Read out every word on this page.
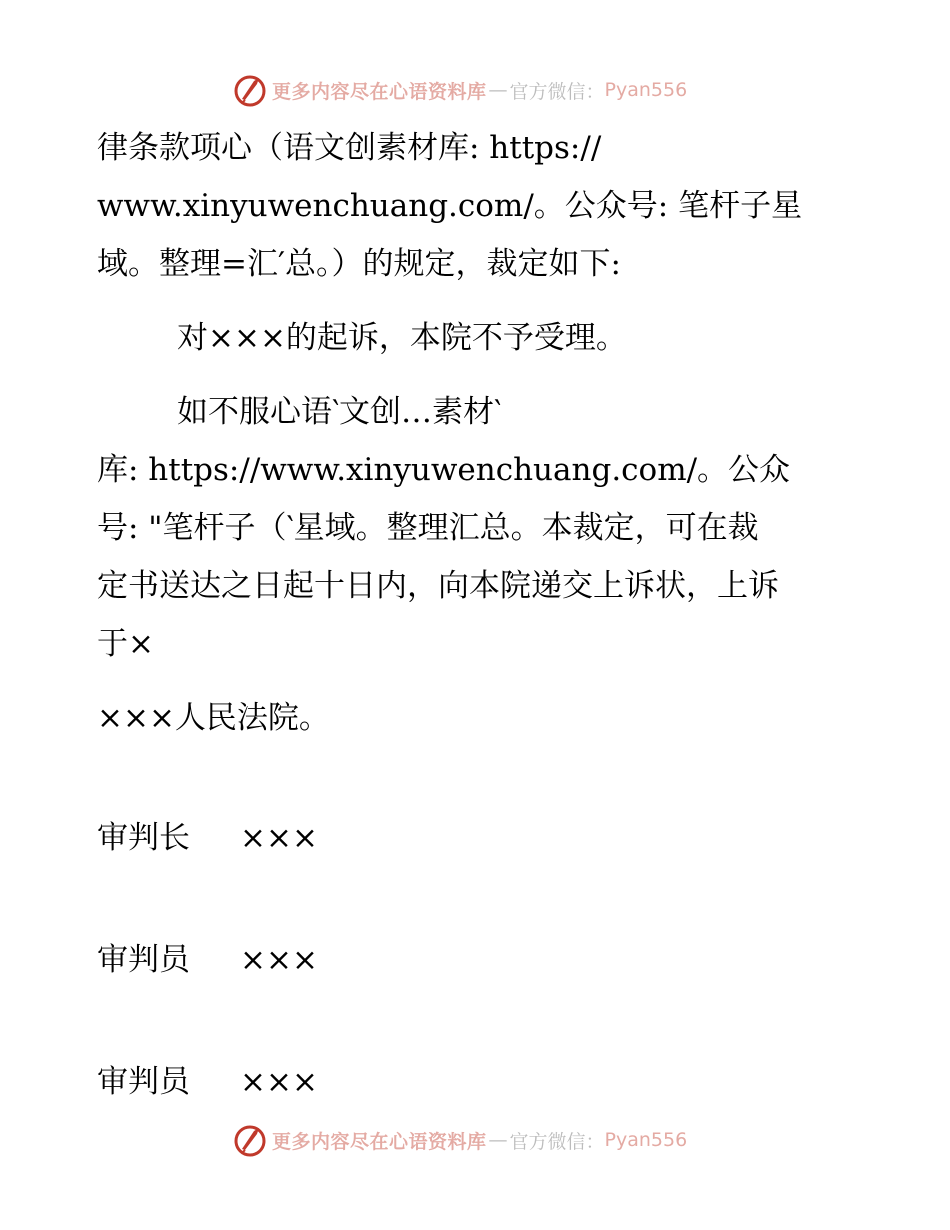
更多内容尽在心语资料库 — 官方微信： Pyan556
律条款项心（语文创素材库: https://
www.xinyuwenchuang.com/。公众号: 笔杆子星
域。整理=汇′总。）的规定，裁定如下:
对×××的起诉，本院不予受理。
如不服心语‵文创…素材‵
库: https://www.xinyuwenchuang.com/。公众
号: "笔杆子（‵星域。整理汇总。本裁定，可在裁
定书送达之日起十日内，向本院递交上诉状，上诉
于×
×××人民法院。
审判长 ×××
审判员 ×××
审判员 ×××
更多内容尽在心语资料库 — 官方微信： Pyan556
